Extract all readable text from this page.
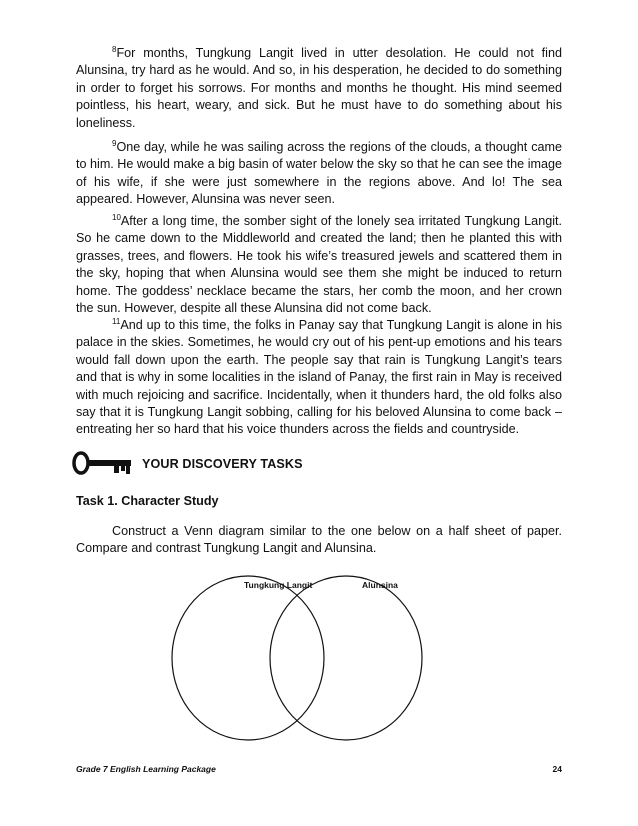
$^8$For months, Tungkung Langit lived in utter desolation. He could not find Alunsina, try hard as he would. And so, in his desperation, he decided to do something in order to forget his sorrows. For months and months he thought. His mind seemed pointless, his heart, weary, and sick. But he must have to do something about his loneliness.

$^9$One day, while he was sailing across the regions of the clouds, a thought came to him. He would make a big basin of water below the sky so that he can see the image of his wife, if she were just somewhere in the regions above. And lo! The sea appeared. However, Alunsina was never seen.

$^{10}$After a long time, the somber sight of the lonely sea irritated Tungkung Langit. So he came down to the Middleworld and created the land; then he planted this with grasses, trees, and flowers. He took his wife’s treasured jewels and scattered them in the sky, hoping that when Alunsina would see them she might be induced to return home. The goddess’ necklace became the stars, her comb the moon, and her crown the sun. However, despite all these Alunsina did not come back.

$^{11}$And up to this time, the folks in Panay say that Tungkung Langit is alone in his palace in the skies. Sometimes, he would cry out of his pent-up emotions and his tears would fall down upon the earth. The people say that rain is Tungkung Langit’s tears and that is why in some localities in the island of Panay, the first rain in May is received with much rejoicing and sacrifice. Incidentally, when it thunders hard, the old folks also say that it is Tungkung Langit sobbing, calling for his beloved Alunsina to come back – entreating her so hard that his voice thunders across the fields and countryside.

YOUR DISCOVERY TASKS
Task 1. Character Study

Construct a Venn diagram similar to the one below on a half sheet of paper. Compare and contrast Tungkung Langit and Alunsina.

Tungkung Langit	Alunsina
Grade 7 English Learning Package	24
